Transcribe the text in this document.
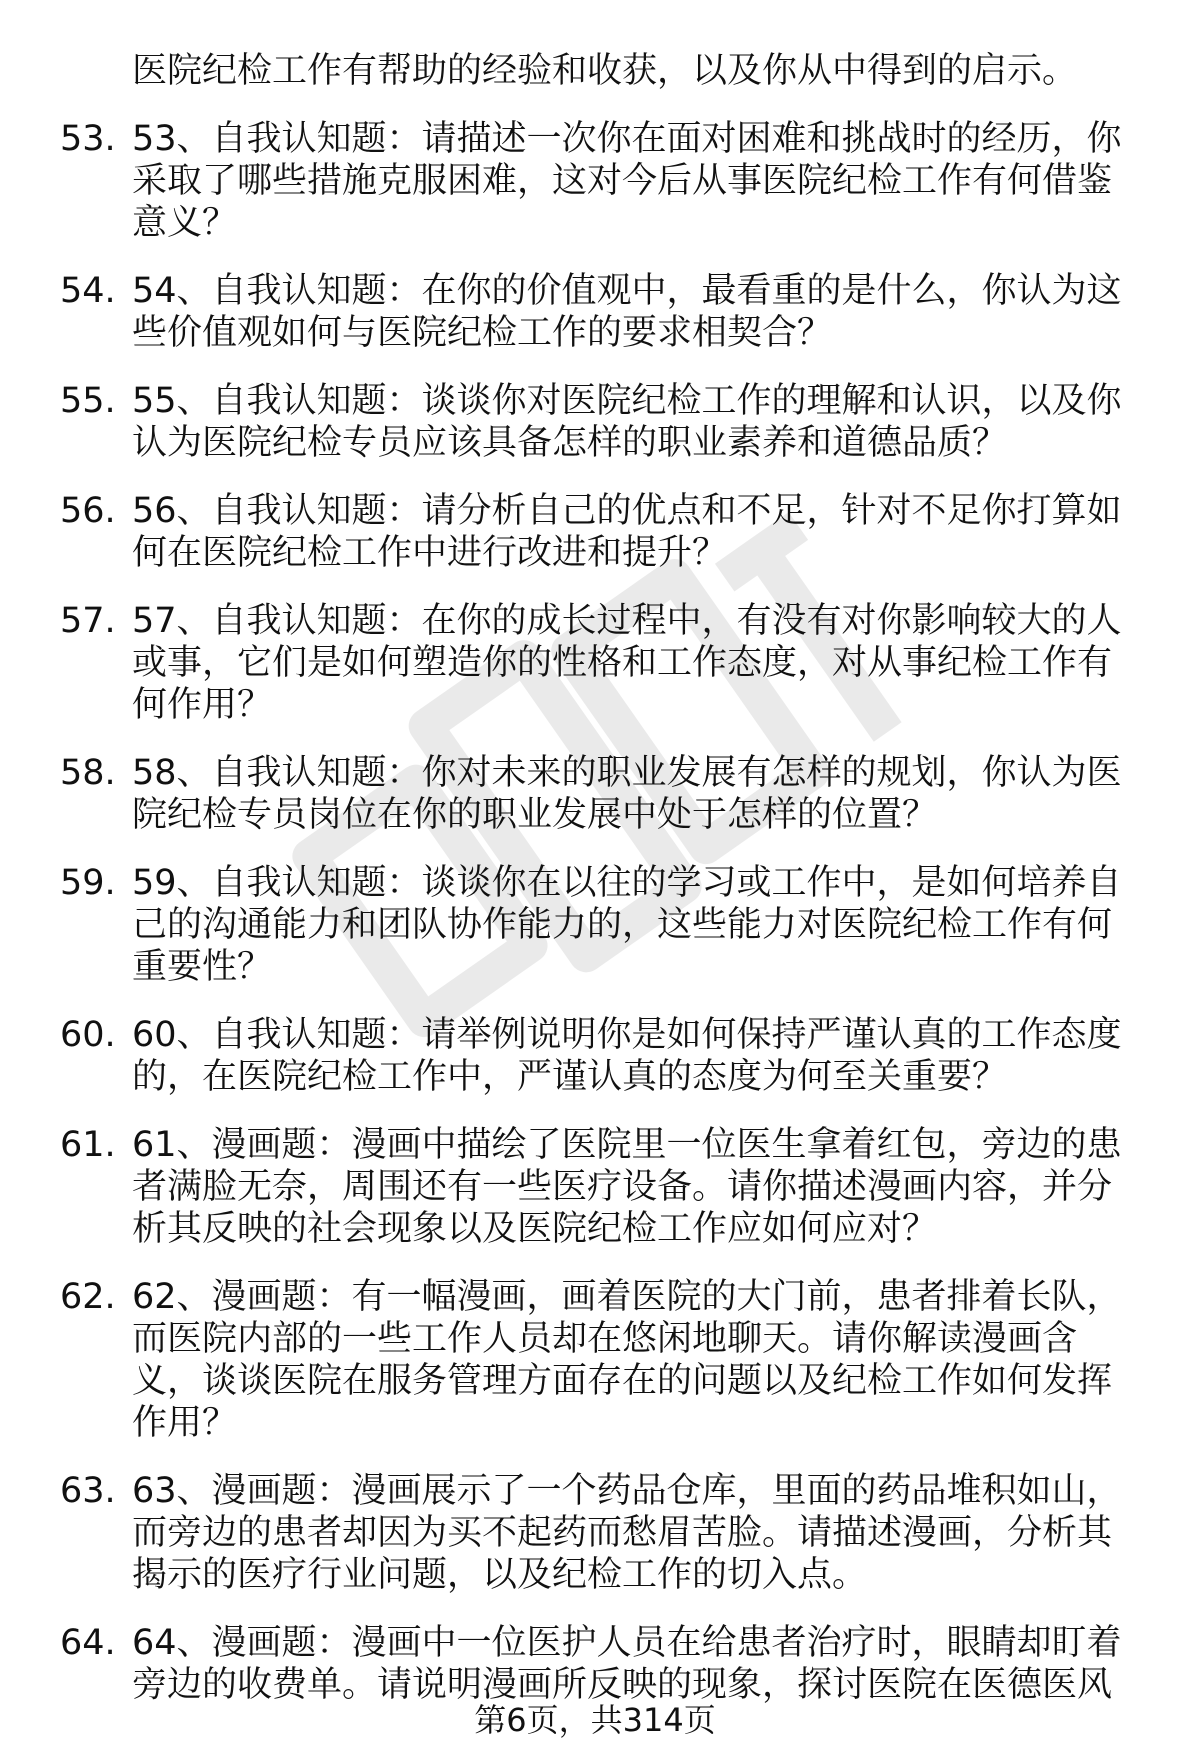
医院纪检工作有帮助的经验和收获，以及你从中得到的启示。
53. 53、自我认知题：请描述一次你在面对困难和挑战时的经历，你
采取了哪些措施克服困难，这对今后从事医院纪检工作有何借鉴
意义？
54. 54、自我认知题：在你的价值观中，最看重的是什么，你认为这
些价值观如何与医院纪检工作的要求相契合？
55. 55、自我认知题：谈谈你对医院纪检工作的理解和认识，以及你
认为医院纪检专员应该具备怎样的职业素养和道德品质？
56. 56、自我认知题：请分析自己的优点和不足，针对不足你打算如
何在医院纪检工作中进行改进和提升？
57. 57、自我认知题：在你的成长过程中，有没有对你影响较大的人
或事，它们是如何塑造你的性格和工作态度，对从事纪检工作有
何作用？
58. 58、自我认知题：你对未来的职业发展有怎样的规划，你认为医
院纪检专员岗位在你的职业发展中处于怎样的位置？
59. 59、自我认知题：谈谈你在以往的学习或工作中，是如何培养自
己的沟通能力和团队协作能力的，这些能力对医院纪检工作有何
重要性？
60. 60、自我认知题：请举例说明你是如何保持严谨认真的工作态度
的，在医院纪检工作中，严谨认真的态度为何至关重要？
61. 61、漫画题：漫画中描绘了医院里一位医生拿着红包，旁边的患
者满脸无奈，周围还有一些医疗设备。请你描述漫画内容，并分
析其反映的社会现象以及医院纪检工作应如何应对？
62. 62、漫画题：有一幅漫画，画着医院的大门前，患者排着长队，
而医院内部的一些工作人员却在悠闲地聊天。请你解读漫画含
义，谈谈医院在服务管理方面存在的问题以及纪检工作如何发挥
作用？
63. 63、漫画题：漫画展示了一个药品仓库，里面的药品堆积如山，
而旁边的患者却因为买不起药而愁眉苦脸。请描述漫画，分析其
揭示的医疗行业问题，以及纪检工作的切入点。
64. 64、漫画题：漫画中一位医护人员在给患者治疗时，眼睛却盯着
旁边的收费单。请说明漫画所反映的现象，探讨医院在医德医风
第6页，共314页
